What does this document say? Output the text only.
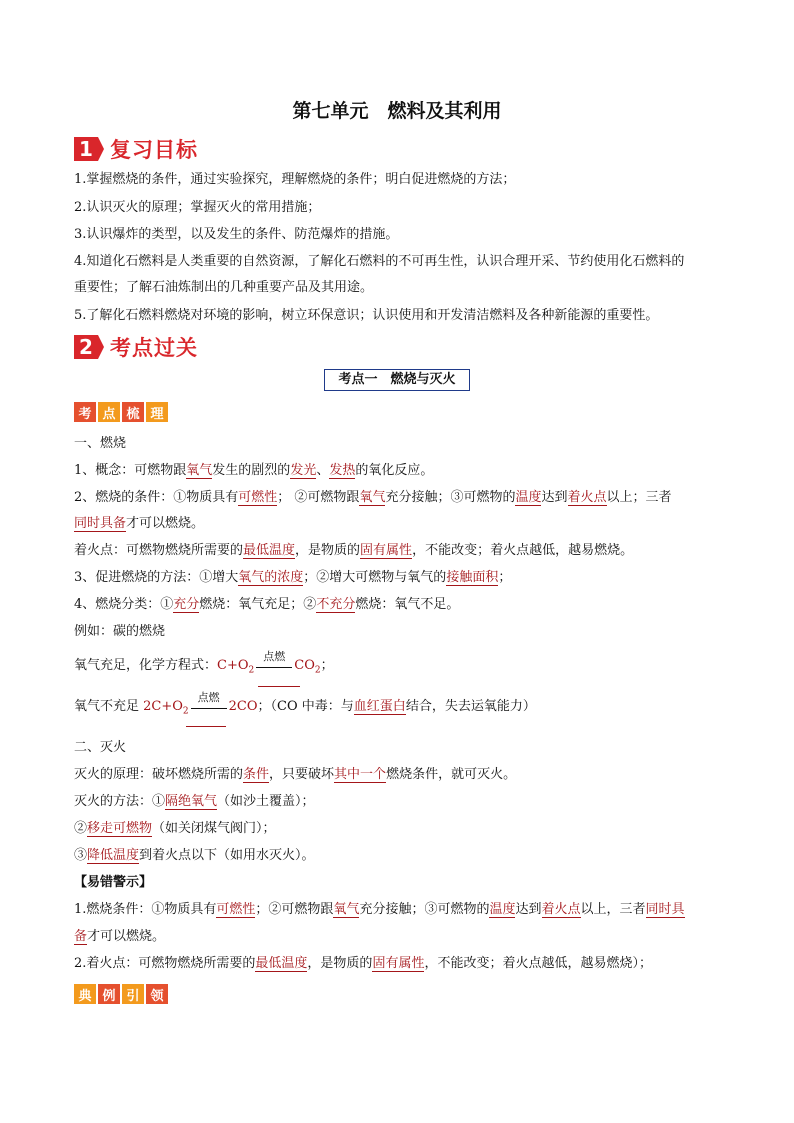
第七单元　燃料及其利用
1 复习目标
1.掌握燃烧的条件，通过实验探究，理解燃烧的条件；明白促进燃烧的方法；
2.认识灭火的原理；掌握灭火的常用措施；
3.认识爆炸的类型，以及发生的条件、防范爆炸的措施。
4.知道化石燃料是人类重要的自然资源，了解化石燃料的不可再生性，认识合理开采、节约使用化石燃料的
重要性；了解石油炼制出的几种重要产品及其用途。
5.了解化石燃料燃烧对环境的影响，树立环保意识；认识使用和开发清洁燃料及各种新能源的重要性。
2 考点过关
考点一　燃烧与灭火
考 点 梳 理
一、燃烧
1、概念：可燃物跟氧气发生的剧烈的发光、发热的氧化反应。
2、燃烧的条件：①物质具有可燃性； ②可燃物跟氧气充分接触；③可燃物的温度达到着火点以上；三者
同时具备才可以燃烧。
着火点：可燃物燃烧所需要的最低温度，是物质的固有属性，不能改变；着火点越低，越易燃烧。
3、促进燃烧的方法：①增大氧气的浓度；②增大可燃物与氧气的接触面积；
4、燃烧分类：①充分燃烧：氧气充足；②不充分燃烧：氧气不足。
例如：碳的燃烧
氧气充足，化学方程式：$C+O_2$
点燃
$CO_2$；
氧气不充足 $2C+O_2$
点燃
2CO；（CO 中毒：与血红蛋白结合，失去运氧能力）
二、灭火
灭火的原理：破坏燃烧所需的条件，只要破坏其中一个燃烧条件，就可灭火。
灭火的方法：①隔绝氧气（如沙土覆盖）；
②移走可燃物（如关闭煤气阀门）；
③降低温度到着火点以下（如用水灭火）。
【易错警示】
1.燃烧条件：①物质具有可燃性；②可燃物跟氧气充分接触；③可燃物的温度达到着火点以上，三者同时具
备才可以燃烧。
2.着火点：可燃物燃烧所需要的最低温度，是物质的固有属性，不能改变；着火点越低，越易燃烧）；
典 例 引 领
